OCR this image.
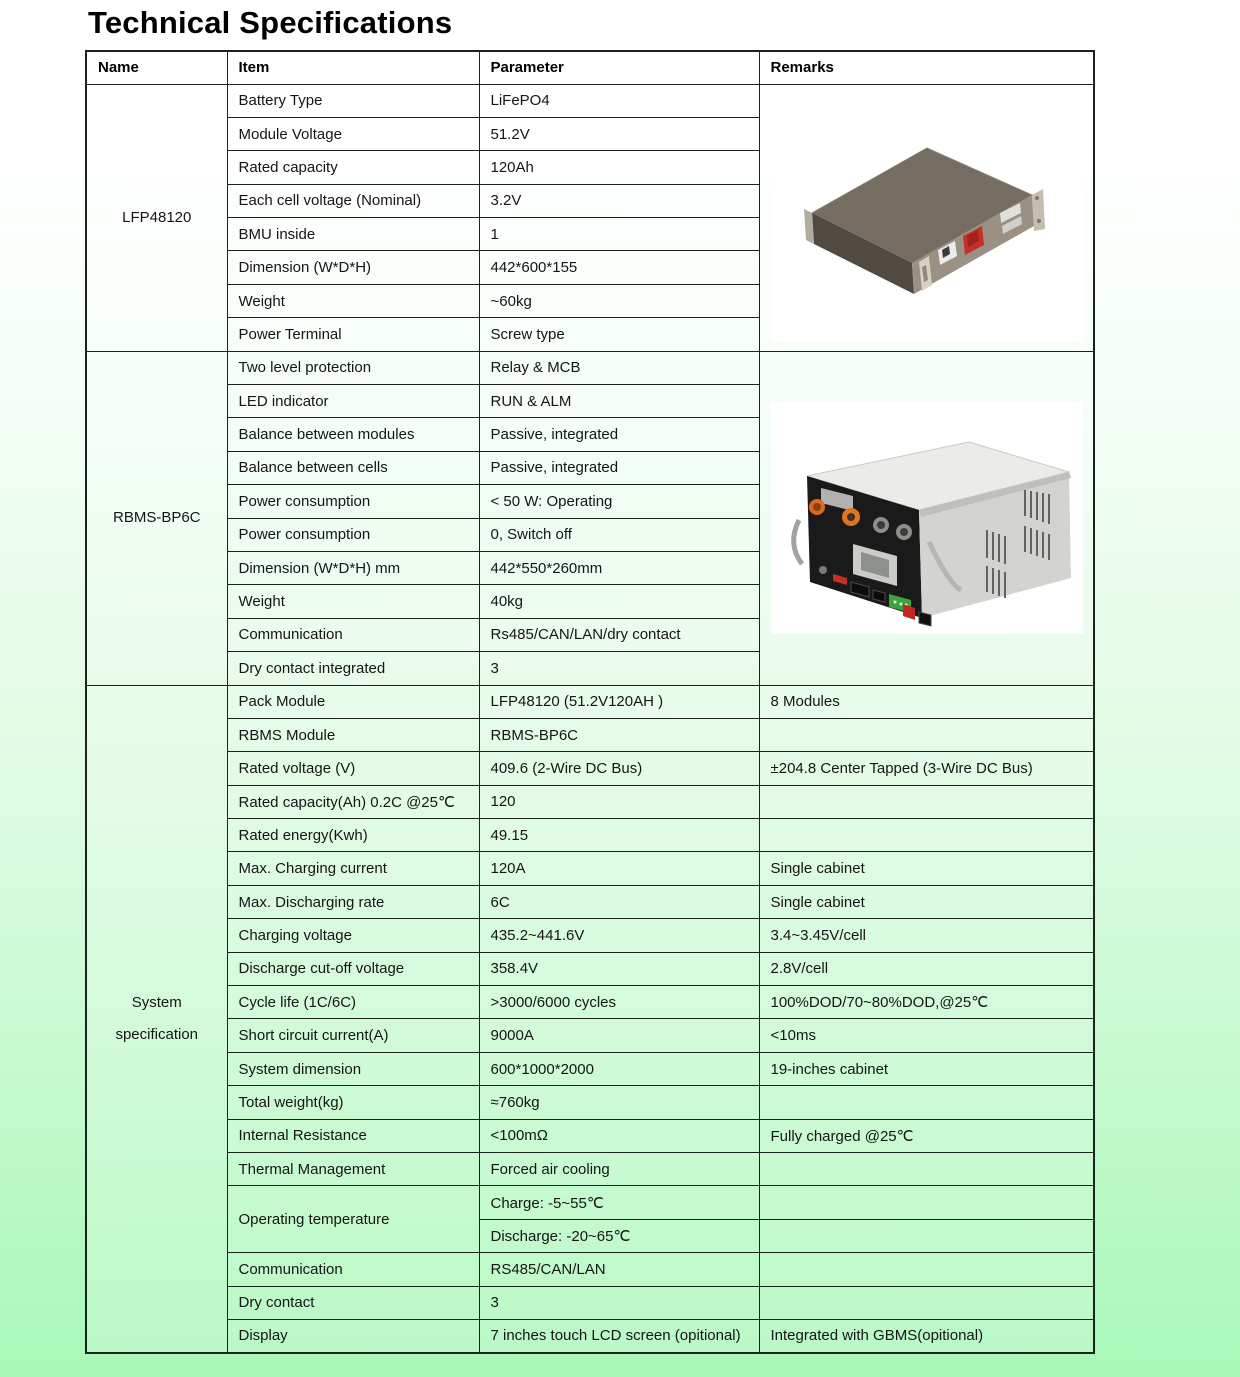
Technical Specifications
Name	Item	Parameter	Remarks
LFP48120	Battery Type	LiFePO4	

	Module Voltage	51.2V	
	Rated capacity	120Ah	
	Each cell voltage (Nominal)	3.2V	
	BMU inside	1	
	Dimension (W*D*H)	442*600*155	
	Weight	~60kg	
	Power Terminal	Screw type	
RBMS-BP6C	Two level protection	Relay & MCB	

	LED indicator	RUN & ALM	
	Balance between modules	Passive, integrated	
	Balance between cells	Passive, integrated	
	Power consumption	< 50 W: Operating	
	Power consumption	0, Switch off	
	Dimension (W*D*H) mm	442*550*260mm	
	Weight	40kg	
	Communication	Rs485/CAN/LAN/dry contact	
	Dry contact integrated	3	
System specification	Pack Module	LFP48120 (51.2V120AH )	8 Modules
	RBMS Module	RBMS-BP6C	
	Rated voltage (V)	409.6 (2-Wire DC Bus)	±204.8 Center Tapped (3-Wire DC Bus)
	Rated capacity(Ah) 0.2C @25℃	120	
	Rated energy(Kwh)	49.15	
	Max. Charging current	120A	Single cabinet
	Max. Discharging rate	6C	Single cabinet
	Charging voltage	435.2~441.6V	3.4~3.45V/cell
	Discharge cut-off voltage	358.4V	2.8V/cell
	Cycle life (1C/6C)	>3000/6000 cycles	100%DOD/70~80%DOD,@25℃
	Short circuit current(A)	9000A	<10ms
	System dimension	600*1000*2000	19-inches cabinet
	Total weight(kg)	≈760kg	
	Internal Resistance	<100mΩ	Fully charged @25℃
	Thermal Management	Forced air cooling	
	Operating temperature	Charge: -5~55℃	
		Discharge: -20~65℃	
	Communication	RS485/CAN/LAN	
	Dry contact	3	
	Display	7 inches touch LCD screen (opitional)	Integrated with GBMS(opitional)
